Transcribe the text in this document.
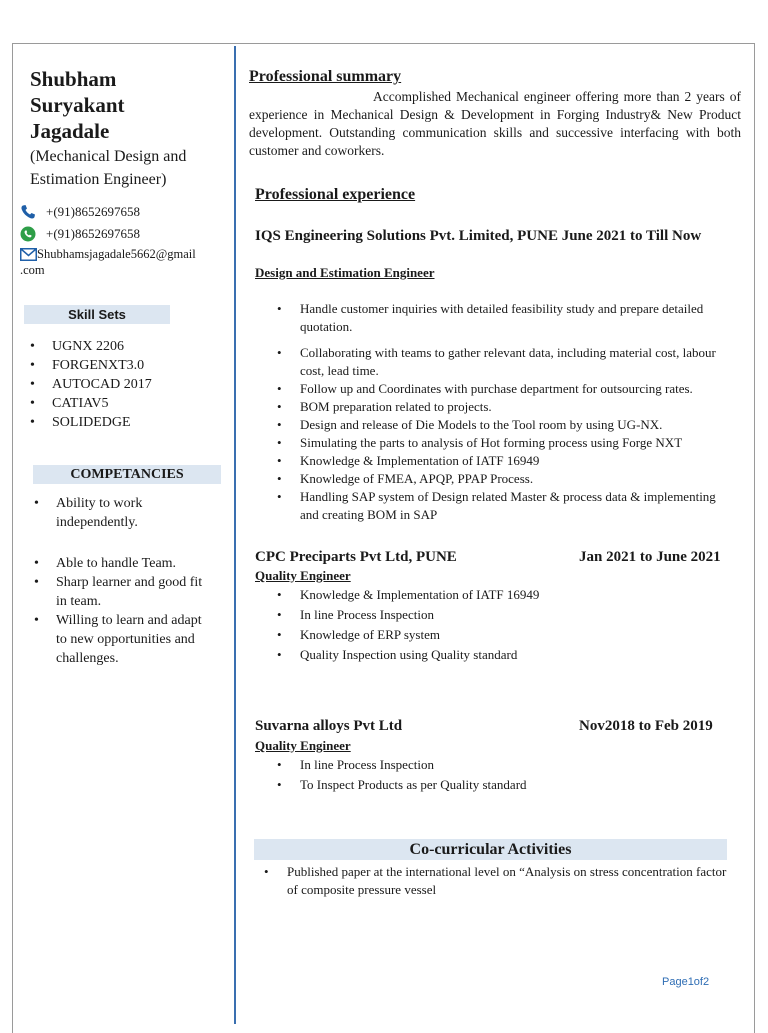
Shubham
Suryakant
Jagadale
(Mechanical Design and
Estimation Engineer)
+(91)8652697658
+(91)8652697658
Shubhamsjagadale5662@gmail
.com
Skill Sets
• UGNX 2206
• FORGENXT3.0
• AUTOCAD 2017
• CATIAV5
• SOLIDEDGE
COMPETANCIES
• Ability to work independently.
• Able to handle Team.
• Sharp learner and good fit in team.
• Willing to learn and adapt to new opportunities and challenges.
Professional summary
Accomplished Mechanical engineer offering more than 2 years of experience in Mechanical Design & Development in Forging Industry& New Product development. Outstanding communication skills and successive interfacing with both customer and coworkers.
Professional experience
IQS Engineering Solutions Pvt. Limited, PUNE June 2021 to Till Now
Design and Estimation Engineer
• Handle customer inquiries with detailed feasibility study and prepare detailed quotation.
• Collaborating with teams to gather relevant data, including material cost, labour cost, lead time.
• Follow up and Coordinates with purchase department for outsourcing rates.
• BOM preparation related to projects.
• Design and release of Die Models to the Tool room by using UG-NX.
• Simulating the parts to analysis of Hot forming process using Forge NXT
• Knowledge & Implementation of IATF 16949
• Knowledge of FMEA, APQP, PPAP Process.
• Handling SAP system of Design related Master & process data & implementing and creating BOM in SAP
CPC Preciparts Pvt Ltd, PUNE	Jan 2021 to June 2021
Quality Engineer
• Knowledge & Implementation of IATF 16949
• In line Process Inspection
• Knowledge of ERP system
• Quality Inspection using Quality standard
Suvarna alloys Pvt Ltd	Nov2018 to Feb 2019
Quality Engineer
• In line Process Inspection
• To Inspect Products as per Quality standard
Co-curricular Activities
• Published paper at the international level on “Analysis on stress concentration factor of composite pressure vessel
Page1of2
